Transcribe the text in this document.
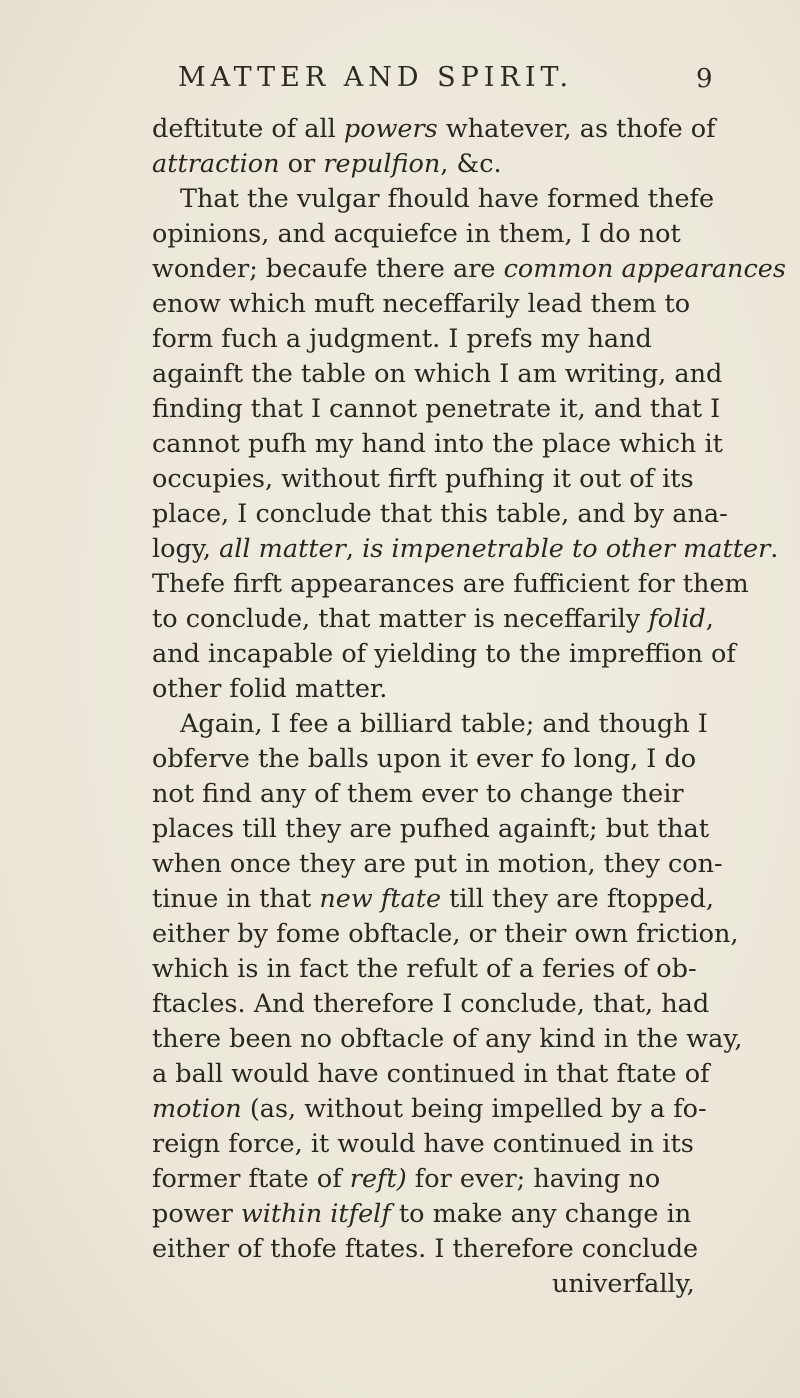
MATTER AND SPIRIT.	9
deftitute of all powers whatever, as thofe of
attraction or repulfion, &c.
That the vulgar fhould have formed thefe
opinions, and acquiefce in them, I do not
wonder; becaufe there are common appearances
enow which muft neceffarily lead them to
form fuch a judgment. I prefs my hand
againft the table on which I am writing, and
finding that I cannot penetrate it, and that I
cannot pufh my hand into the place which it
occupies, without firft pufhing it out of its
place, I conclude that this table, and by ana-
logy, all matter, is impenetrable to other matter.
Thefe firft appearances are fufficient for them
to conclude, that matter is neceffarily folid,
and incapable of yielding to the impreffion of
other folid matter.
Again, I fee a billiard table; and though I
obferve the balls upon it ever fo long, I do
not find any of them ever to change their
places till they are pufhed againft; but that
when once they are put in motion, they con-
tinue in that new ftate till they are ftopped,
either by fome obftacle, or their own friction,
which is in fact the refult of a feries of ob-
ftacles. And therefore I conclude, that, had
there been no obftacle of any kind in the way,
a ball would have continued in that ftate of
motion (as, without being impelled by a fo-
reign force, it would have continued in its
former ftate of reft) for ever; having no
power within itfelf to make any change in
either of thofe ftates. I therefore conclude
univerfally,
